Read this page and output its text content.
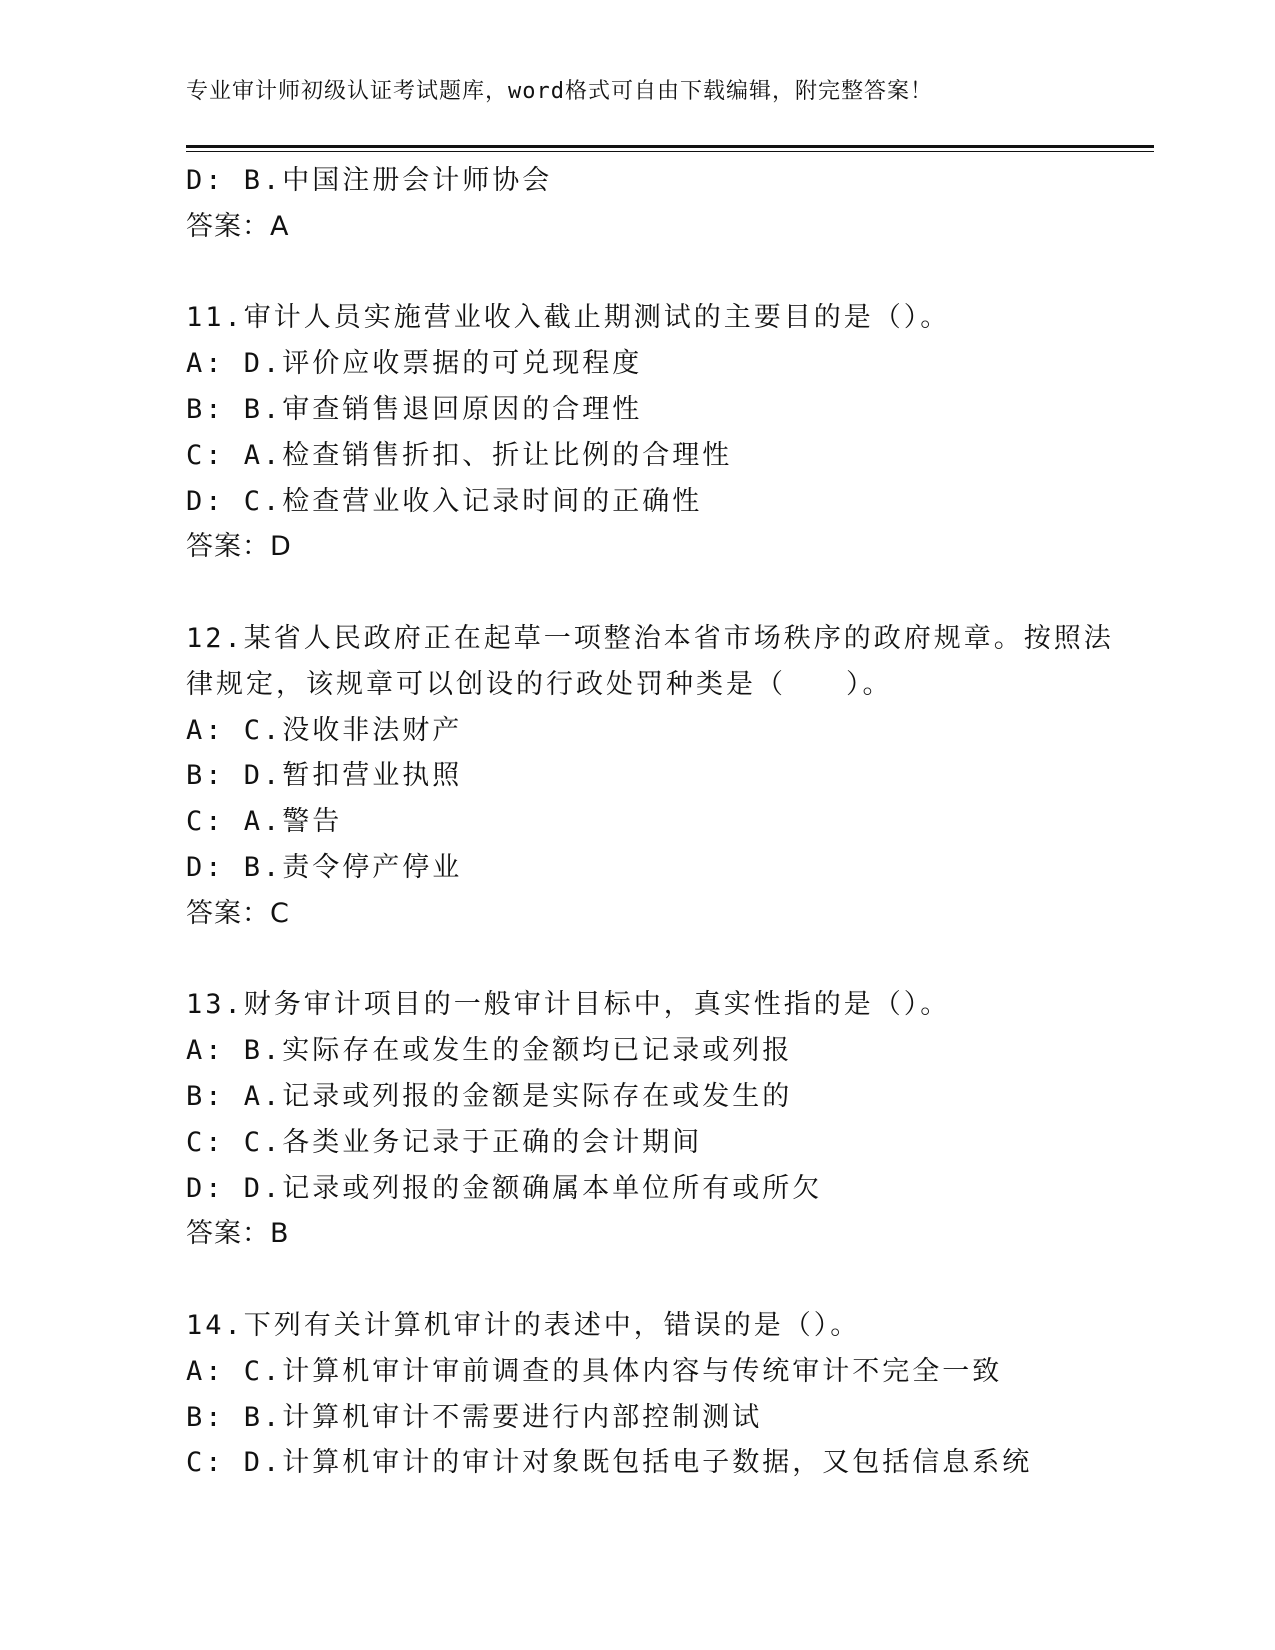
专业审计师初级认证考试题库，word格式可自由下载编辑，附完整答案！
D: B.中国注册会计师协会
答案：A
11.审计人员实施营业收入截止期测试的主要目的是（）。
A: D.评价应收票据的可兑现程度
B: B.审查销售退回原因的合理性
C: A.检查销售折扣、折让比例的合理性
D: C.检查营业收入记录时间的正确性
答案：D
12.某省人民政府正在起草一项整治本省市场秩序的政府规章。按照法
律规定，该规章可以创设的行政处罚种类是（　　）。
A: C.没收非法财产
B: D.暂扣营业执照
C: A.警告
D: B.责令停产停业
答案：C
13.财务审计项目的一般审计目标中，真实性指的是（）。
A: B.实际存在或发生的金额均已记录或列报
B: A.记录或列报的金额是实际存在或发生的
C: C.各类业务记录于正确的会计期间
D: D.记录或列报的金额确属本单位所有或所欠
答案：B
14.下列有关计算机审计的表述中，错误的是（）。
A: C.计算机审计审前调查的具体内容与传统审计不完全一致
B: B.计算机审计不需要进行内部控制测试
C: D.计算机审计的审计对象既包括电子数据，又包括信息系统
